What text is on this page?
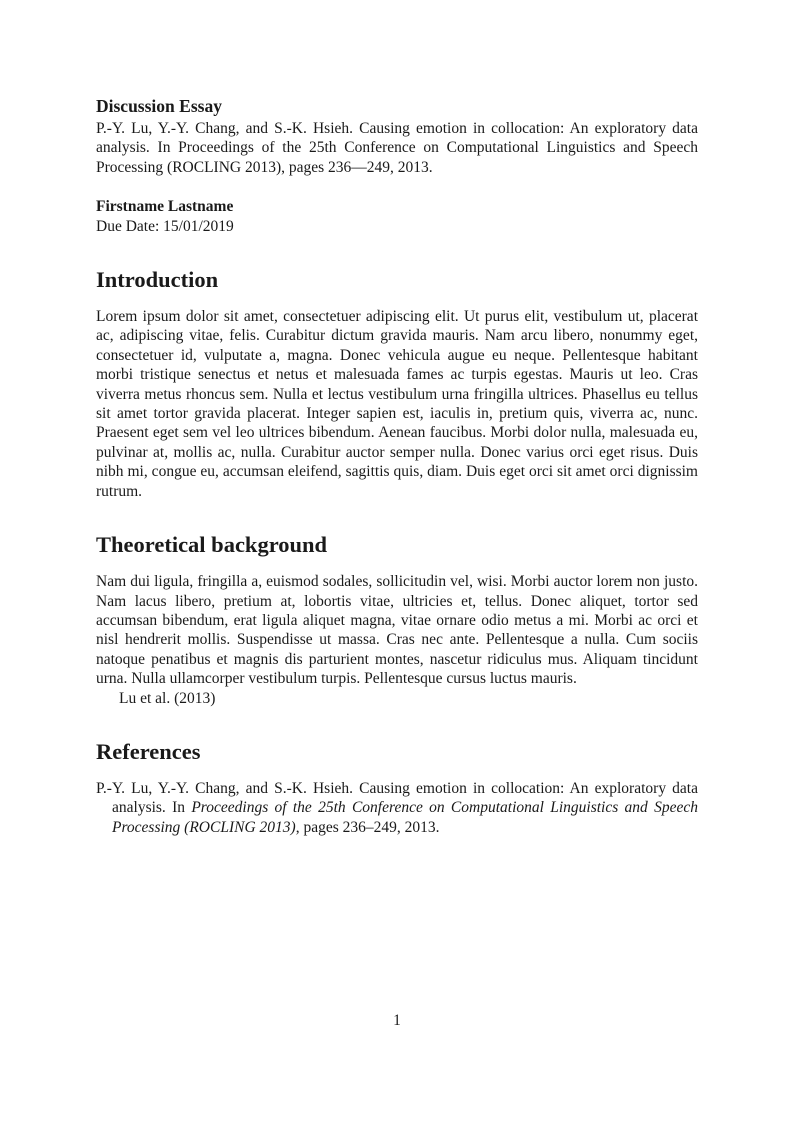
Discussion Essay

P.-Y. Lu, Y.-Y. Chang, and S.-K. Hsieh. Causing emotion in collocation: An exploratory data analysis. In Proceedings of the 25th Conference on Computational Linguistics and Speech Processing (ROCLING 2013), pages 236—249, 2013.

Firstname Lastname

Due Date: 15/01/2019

Introduction

Lorem ipsum dolor sit amet, consectetuer adipiscing elit. Ut purus elit, vestibulum ut, placerat ac, adipiscing vitae, felis. Curabitur dictum gravida mauris. Nam arcu libero, nonummy eget, consectetuer id, vulputate a, magna. Donec vehicula augue eu neque. Pellentesque habitant morbi tristique senectus et netus et malesuada fames ac turpis egestas. Mauris ut leo. Cras viverra metus rhoncus sem. Nulla et lectus vestibulum urna fringilla ultrices. Phasellus eu tellus sit amet tortor gravida placerat. Integer sapien est, iaculis in, pretium quis, viverra ac, nunc. Praesent eget sem vel leo ultrices bibendum. Aenean faucibus. Morbi dolor nulla, malesuada eu, pulvinar at, mollis ac, nulla. Curabitur auctor semper nulla. Donec varius orci eget risus. Duis nibh mi, congue eu, accumsan eleifend, sagittis quis, diam. Duis eget orci sit amet orci dignissim rutrum.

Theoretical background

Nam dui ligula, fringilla a, euismod sodales, sollicitudin vel, wisi. Morbi auctor lorem non justo. Nam lacus libero, pretium at, lobortis vitae, ultricies et, tellus. Donec aliquet, tortor sed accumsan bibendum, erat ligula aliquet magna, vitae ornare odio metus a mi. Morbi ac orci et nisl hendrerit mollis. Suspendisse ut massa. Cras nec ante. Pellentesque a nulla. Cum sociis natoque penatibus et magnis dis parturient montes, nascetur ridiculus mus. Aliquam tincidunt urna. Nulla ullamcorper vestibulum turpis. Pellentesque cursus luctus mauris.

Lu et al. (2013)

References

P.-Y. Lu, Y.-Y. Chang, and S.-K. Hsieh. Causing emotion in collocation: An exploratory data analysis. In Proceedings of the 25th Conference on Computational Linguistics and Speech Processing (ROCLING 2013), pages 236–249, 2013.

1
